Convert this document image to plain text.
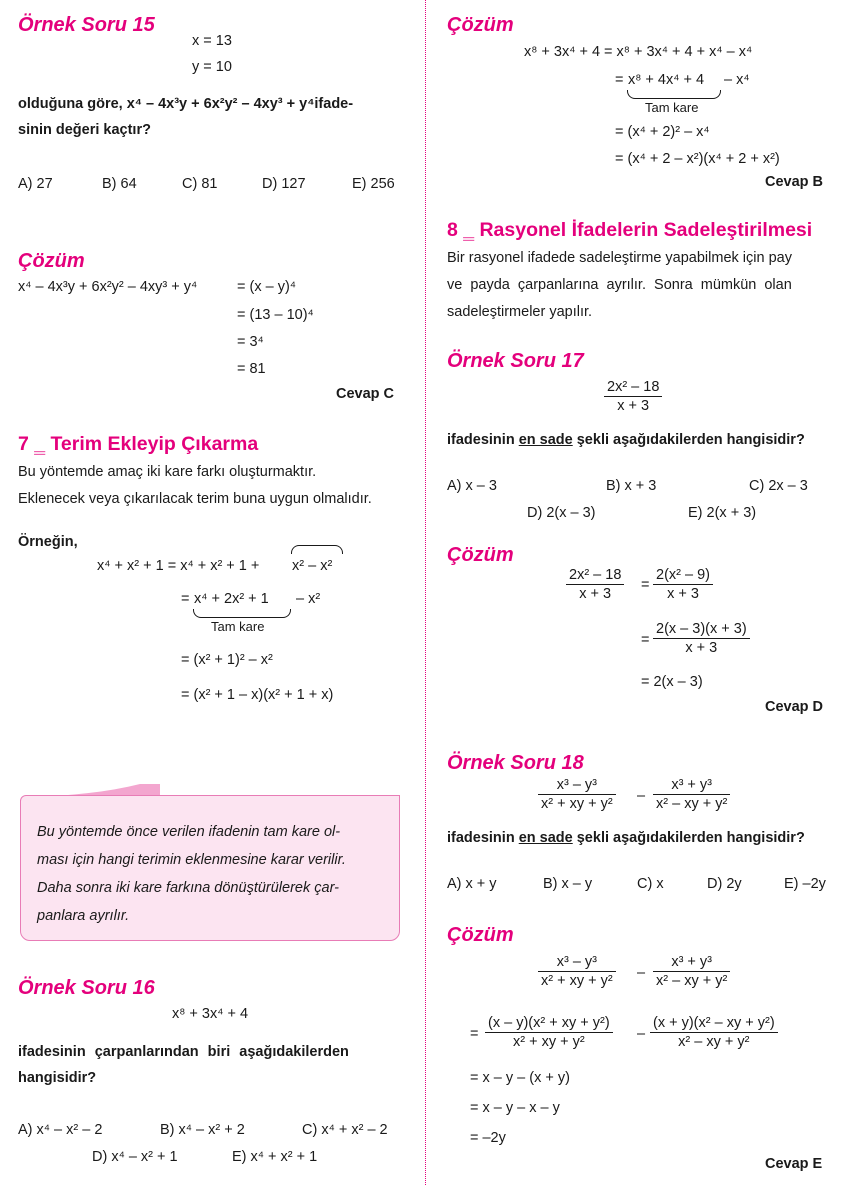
Örnek Soru 15
x = 13
y = 10
olduğuna göre, x⁴ – 4x³y + 6x²y² – 4xy³ + y⁴ifade-
sinin değeri kaçtır?
A) 27	B) 64	C) 81	D) 127	E) 256
Çözüm
x⁴ – 4x³y + 6x²y² – 4xy³ + y⁴	= (x – y)⁴
= (13 – 10)⁴
= 3⁴
= 81
Cevap C
7 ‗ Terim Ekleyip Çıkarma
Bu yöntemde amaç iki kare farkı oluşturmaktır.
Eklenecek veya çıkarılacak terim buna uygun olmalıdır.
Örneğin,
x⁴ + x² + 1 = x⁴ + x² + 1 + x² – x²
= x⁴ + 2x² + 1 – x²
Tam kare
= (x² + 1)² – x²
= (x² + 1 – x)(x² + 1 + x)
Bu yöntemde önce verilen ifadenin tam kare ol-
ması için hangi terimin eklenmesine karar verilir.
Daha sonra iki kare farkına dönüştürülerek çar-
panlara ayrılır.
Örnek Soru 16
x⁸ + 3x⁴ + 4
ifadesinin çarpanlarından biri aşağıdakilerden
hangisidir?
A) x⁴ – x² – 2	B) x⁴ – x² + 2	C) x⁴ + x² – 2
D) x⁴ – x² + 1	E) x⁴ + x² + 1
Çözüm
x⁸ + 3x⁴ + 4 = x⁸ + 3x⁴ + 4 + x⁴ – x⁴
= x⁸ + 4x⁴ + 4 – x⁴
Tam kare
= (x⁴ + 2)² – x⁴
= (x⁴ + 2 – x²)(x⁴ + 2 + x²)
Cevap B
8 ‗ Rasyonel İfadelerin Sadeleştirilmesi
Bir rasyonel ifadede sadeleştirme yapabilmek için pay
ve payda çarpanlarına ayrılır. Sonra mümkün olan
sadeleştirmeler yapılır.
Örnek Soru 17
$\frac{\text{2x² – 18}}{x + 3}$
ifadesinin en sade şekli aşağıdakilerden hangisidir?
A) x – 3	B) x + 3	C) 2x – 3
D) 2(x – 3)	E) 2(x + 3)
Çözüm
$\frac{\text{2x² – 18}}{x + 3} = \frac{\text{2(x² – 9)}}{x + 3}$
= $\frac{2(x - 3)(x + 3)}{x + 3}$
= 2(x – 3)
Cevap D
Örnek Soru 18
$\frac{\text{x³ – y³}}{\text{x² + xy + y²}} - \frac{\text{x³ + y³}}{\text{x² – xy + y²}}$
ifadesinin en sade şekli aşağıdakilerden hangisidir?
A) x + y	B) x – y	C) x	D) 2y	E) –2y
Çözüm
$\frac{\text{x³ – y³}}{\text{x² + xy + y²}} - \frac{\text{x³ + y³}}{\text{x² – xy + y²}}$
= $\frac{\text{(x – y)(x² + xy + y²)}}{\text{x² + xy + y²}} - \frac{\text{(x + y)(x² – xy + y²)}}{\text{x² – xy + y²}}$
= x – y – (x + y)
= x – y – x – y
= –2y
Cevap E
